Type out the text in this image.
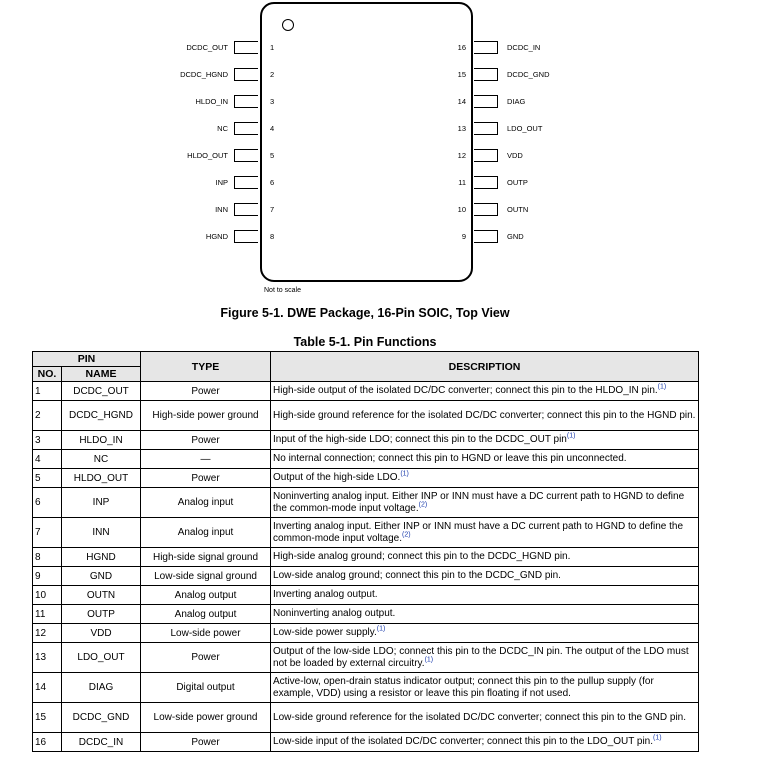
DCDC_OUT	1
DCDC_HGND	2
HLDO_IN	3
NC	4
HLDO_OUT	5
INP	6
INN	7
HGND	8
DCDC_IN
16
DCDC_GND
15
DIAG
14
LDO_OUT
13
VDD
12
OUTP
11
OUTN
10
GND
9
Not to scale
Figure 5-1. DWE Package, 16-Pin SOIC, Top View
Table 5-1. Pin Functions
PIN		TYPE	DESCRIPTION
NO.	NAME		
1	DCDC_OUT	Power	High-side output of the isolated DC/DC converter; connect this pin to the HLDO_IN pin.$^{(1)}$
2	DCDC_HGND	High-side power ground	High-side ground reference for the isolated DC/DC converter; connect this pin to the HGND pin.
3	HLDO_IN	Power	Input of the high-side LDO; connect this pin to the DCDC_OUT pin$^{(1)}$
4	NC	—	No internal connection; connect this pin to HGND or leave this pin unconnected.
5	HLDO_OUT	Power	Output of the high-side LDO.$^{(1)}$
6	INP	Analog input	Noninverting analog input. Either INP or INN must have a DC current path to HGND to define the common-mode input voltage.$^{(2)}$
7	INN	Analog input	Inverting analog input. Either INP or INN must have a DC current path to HGND to define the common-mode input voltage.$^{(2)}$
8	HGND	High-side signal ground	High-side analog ground; connect this pin to the DCDC_HGND pin.
9	GND	Low-side signal ground	Low-side analog ground; connect this pin to the DCDC_GND pin.
10	OUTN	Analog output	Inverting analog output.
11	OUTP	Analog output	Noninverting analog output.
12	VDD	Low-side power	Low-side power supply.$^{(1)}$
13	LDO_OUT	Power	Output of the low-side LDO; connect this pin to the DCDC_IN pin. The output of the LDO must not be loaded by external circuitry.$^{(1)}$
14	DIAG	Digital output	Active-low, open-drain status indicator output; connect this pin to the pullup supply (for example, VDD) using a resistor or leave this pin floating if not used.
15	DCDC_GND	Low-side power ground	Low-side ground reference for the isolated DC/DC converter; connect this pin to the GND pin.
16	DCDC_IN	Power	Low-side input of the isolated DC/DC converter; connect this pin to the LDO_OUT pin.$^{(1)}$
